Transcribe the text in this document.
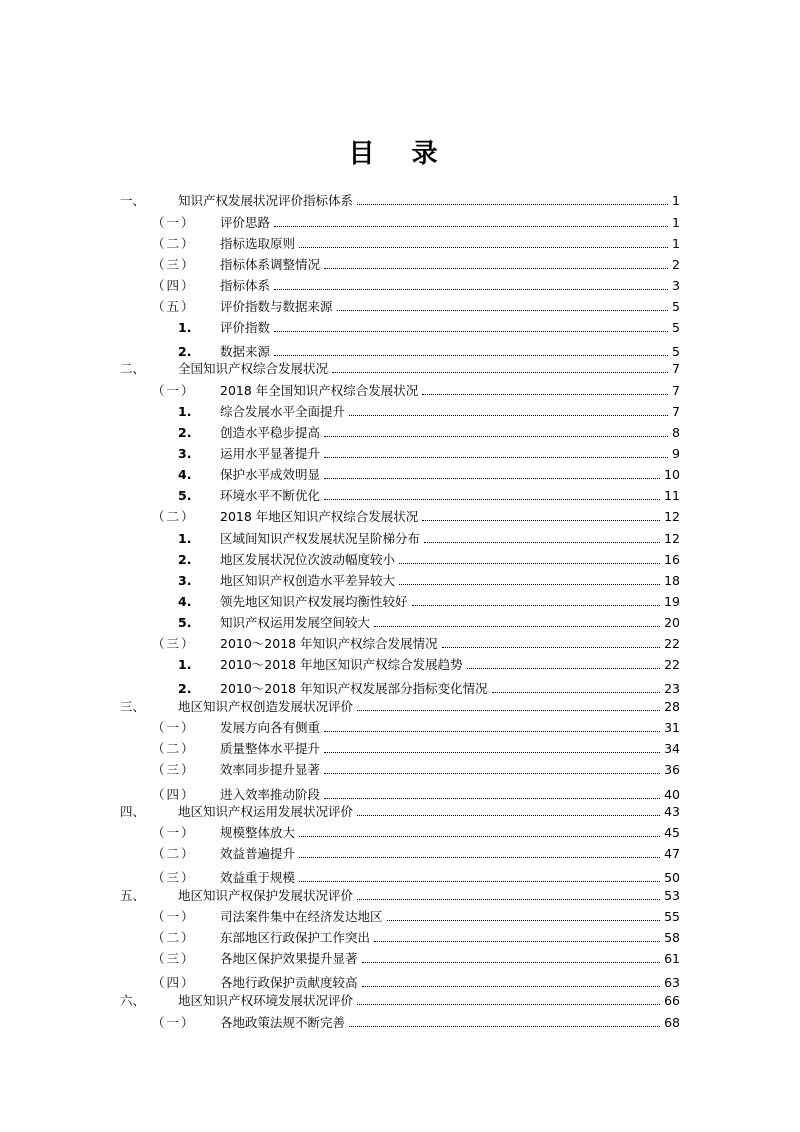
目 录
一、	知识产权发展状况评价指标体系	1
（一） 评价思路	1
（二） 指标选取原则	1
（三） 指标体系调整情况	2
（四） 指标体系	3
（五） 评价指数与数据来源	5
1. 评价指数	5
2. 数据来源	5
二、	全国知识产权综合发展状况	7
（一） 2018 年全国知识产权综合发展状况	7
1. 综合发展水平全面提升	7
2. 创造水平稳步提高	8
3. 运用水平显著提升	9
4. 保护水平成效明显	10
5. 环境水平不断优化	11
（二） 2018 年地区知识产权综合发展状况	12
1. 区域间知识产权发展状况呈阶梯分布	12
2. 地区发展状况位次波动幅度较小	16
3. 地区知识产权创造水平差异较大	18
4. 领先地区知识产权发展均衡性较好	19
5. 知识产权运用发展空间较大	20
（三） 2010～2018 年知识产权综合发展情况	22
1. 2010～2018 年地区知识产权综合发展趋势	22
2. 2010～2018 年知识产权发展部分指标变化情况	23
三、	地区知识产权创造发展状况评价	28
（一） 发展方向各有侧重	31
（二） 质量整体水平提升	34
（三） 效率同步提升显著	36
（四） 进入效率推动阶段	40
四、	地区知识产权运用发展状况评价	43
（一） 规模整体放大	45
（二） 效益普遍提升	47
（三） 效益重于规模	50
五、	地区知识产权保护发展状况评价	53
（一） 司法案件集中在经济发达地区	55
（二） 东部地区行政保护工作突出	58
（三） 各地区保护效果提升显著	61
（四） 各地行政保护贡献度较高	63
六、	地区知识产权环境发展状况评价	66
（一） 各地政策法规不断完善	68
